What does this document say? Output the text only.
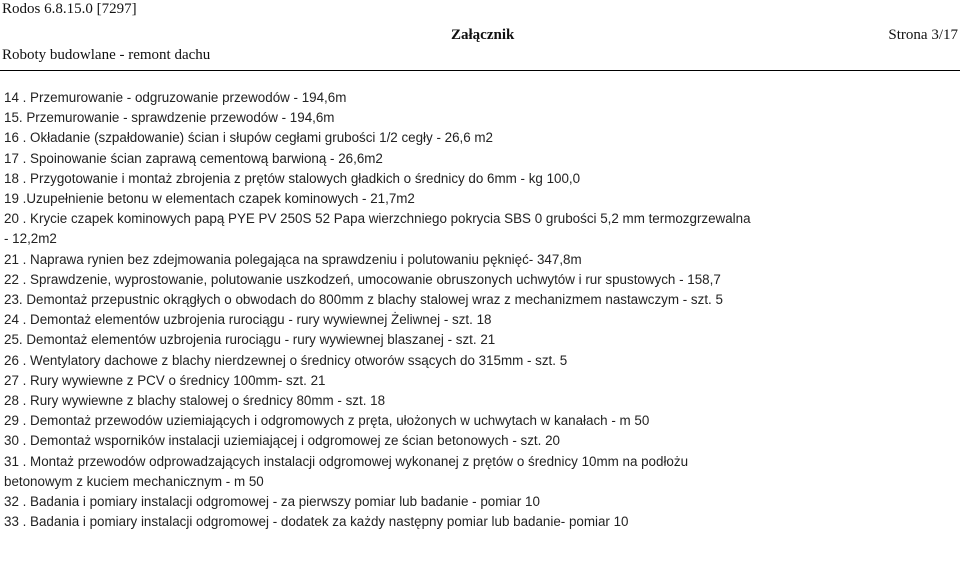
Rodos 6.8.15.0 [7297]
Roboty budowlane - remont dachu
Załącznik	Strona 3/17

14 . Przemurowanie - odgruzowanie przewodów - 194,6m

15. Przemurowanie - sprawdzenie przewodów - 194,6m

16 . Okładanie (szpałdowanie) ścian i słupów cegłami grubości 1/2 cegły - 26,6 m2

17 . Spoinowanie ścian zaprawą cementową barwioną - 26,6m2

18 . Przygotowanie i montaż zbrojenia z prętów stalowych gładkich o średnicy do 6mm - kg 100,0

19 .Uzupełnienie betonu w elementach czapek kominowych - 21,7m2

20 . Krycie czapek kominowych papą PYE PV 250S 52 Papa wierzchniego pokrycia SBS 0 grubości 5,2 mm termozgrzewalna
- 12,2m2

21 . Naprawa rynien bez zdejmowania polegająca na sprawdzeniu i polutowaniu pęknięć- 347,8m

22 . Sprawdzenie, wyprostowanie, polutowanie uszkodzeń, umocowanie obruszonych uchwytów i rur spustowych - 158,7

23. Demontaż przepustnic okrągłych o obwodach do 800mm z blachy stalowej wraz z mechanizmem nastawczym - szt. 5

24 . Demontaż elementów uzbrojenia rurociągu - rury wywiewnej Żeliwnej - szt. 18

25. Demontaż elementów uzbrojenia rurociągu - rury wywiewnej blaszanej - szt. 21

26 . Wentylatory dachowe z blachy nierdzewnej o średnicy otworów ssących do 315mm - szt. 5

27 . Rury wywiewne z PCV o średnicy 100mm- szt. 21

28 . Rury wywiewne z blachy stalowej o średnicy 80mm - szt. 18

29 . Demontaż przewodów uziemiających i odgromowych z pręta, ułożonych w uchwytach w kanałach - m 50

30 . Demontaż wsporników instalacji uziemiającej i odgromowej ze ścian betonowych - szt. 20

31 . Montaż przewodów odprowadzających instalacji odgromowej wykonanej z prętów o średnicy 10mm na podłożu
betonowym z kuciem mechanicznym - m 50

32 . Badania i pomiary instalacji odgromowej - za pierwszy pomiar lub badanie - pomiar 10

33 . Badania i pomiary instalacji odgromowej - dodatek za każdy następny pomiar lub badanie- pomiar 10
